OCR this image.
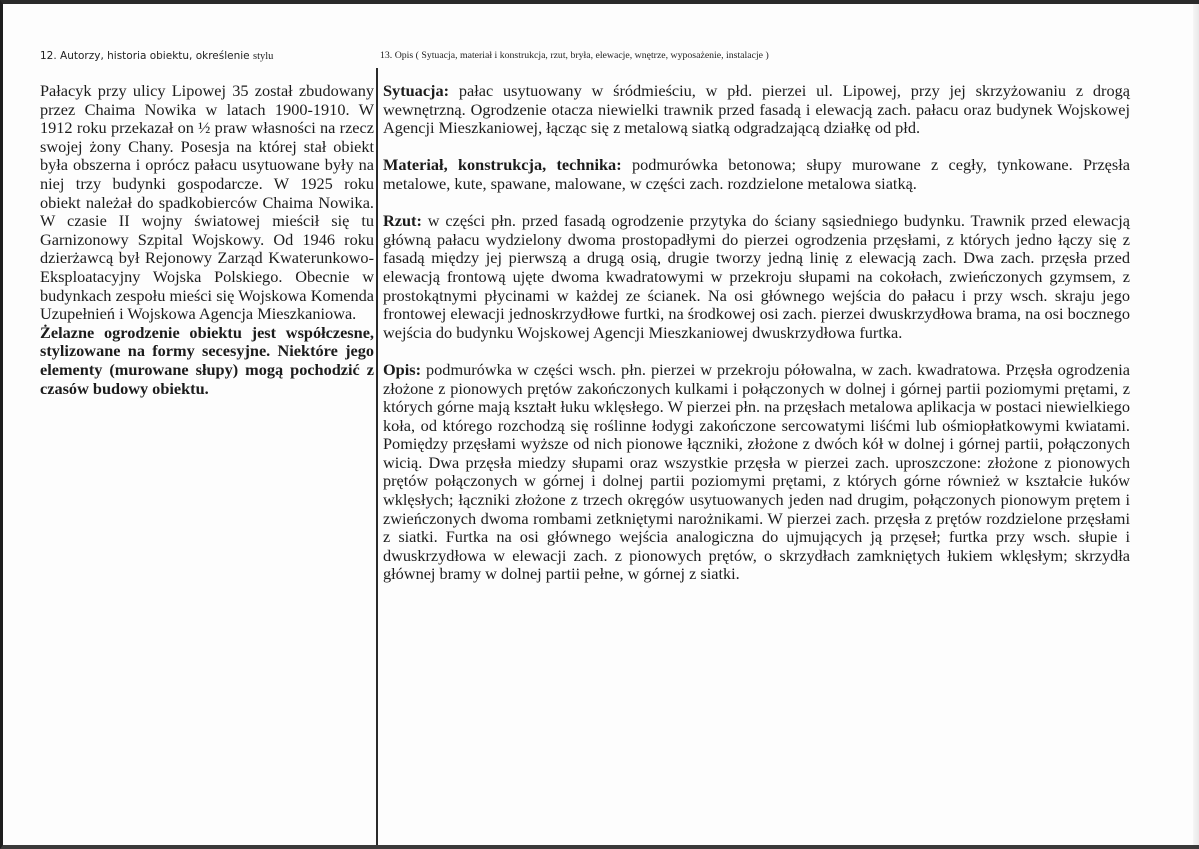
12. Autorzy, historia obiektu, określenie stylu	13. Opis ( Sytuacja, materiał i konstrukcja, rzut, bryła, elewacje, wnętrze, wyposażenie, instalacje )

Pałacyk przy ulicy Lipowej 35 został zbudowany przez Chaima Nowika w latach 1900-1910. W 1912 roku przekazał on ½ praw własności na rzecz swojej żony Chany. Posesja na której stał obiekt była obszerna i oprócz pałacu usytuowane były na niej trzy budynki gospodarcze. W 1925 roku obiekt należał do spadkobierców Chaima Nowika. W czasie II wojny światowej mieścił się tu Garnizonowy Szpital Wojskowy. Od 1946 roku dzierżawcą był Rejonowy Zarząd Kwaterunkowo-Eksploatacyjny Wojska Polskiego. Obecnie w budynkach zespołu mieści się Wojskowa Komenda Uzupełnień i Wojskowa Agencja Mieszkaniowa.

Żelazne ogrodzenie obiektu jest współczesne, stylizowane na formy secesyjne. Niektóre jego elementy (murowane słupy) mogą pochodzić z czasów budowy obiektu.

Sytuacja: pałac usytuowany w śródmieściu, w płd. pierzei ul. Lipowej, przy jej skrzyżowaniu z drogą wewnętrzną. Ogrodzenie otacza niewielki trawnik przed fasadą i elewacją zach. pałacu oraz budynek Wojskowej Agencji Mieszkaniowej, łącząc się z metalową siatką odgradzającą działkę od płd.

Materiał, konstrukcja, technika: podmurówka betonowa; słupy murowane z cegły, tynkowane. Przęsła metalowe, kute, spawane, malowane, w części zach. rozdzielone metalowa siatką.

Rzut: w części płn. przed fasadą ogrodzenie przytyka do ściany sąsiedniego budynku. Trawnik przed elewacją główną pałacu wydzielony dwoma prostopadłymi do pierzei ogrodzenia przęsłami, z których jedno łączy się z fasadą między jej pierwszą a drugą osią, drugie tworzy jedną linię z elewacją zach. Dwa zach. przęsła przed elewacją frontową ujęte dwoma kwadratowymi w przekroju słupami na cokołach, zwieńczonych gzymsem, z prostokątnymi płycinami w każdej ze ścianek. Na osi głównego wejścia do pałacu i przy wsch. skraju jego frontowej elewacji jednoskrzydłowe furtki, na środkowej osi zach. pierzei dwuskrzydłowa brama, na osi bocznego wejścia do budynku Wojskowej Agencji Mieszkaniowej dwuskrzydłowa furtka.

Opis: podmurówka w części wsch. płn. pierzei w przekroju półowalna, w zach. kwadratowa. Przęsła ogrodzenia złożone z pionowych prętów zakończonych kulkami i połączonych w dolnej i górnej partii poziomymi prętami, z których górne mają kształt łuku wklęsłego. W pierzei płn. na przęsłach metalowa aplikacja w postaci niewielkiego koła, od którego rozchodzą się roślinne łodygi zakończone sercowatymi liśćmi lub ośmiopłatkowymi kwiatami. Pomiędzy przęsłami wyższe od nich pionowe łączniki, złożone z dwóch kół w dolnej i górnej partii, połączonych wicią. Dwa przęsła miedzy słupami oraz wszystkie przęsła w pierzei zach. uproszczone: złożone z pionowych prętów połączonych w górnej i dolnej partii poziomymi prętami, z których górne również w kształcie łuków wklęsłych; łączniki złożone z trzech okręgów usytuowanych jeden nad drugim, połączonych pionowym prętem i zwieńczonych dwoma rombami zetkniętymi narożnikami. W pierzei zach. przęsła z prętów rozdzielone przęsłami z siatki. Furtka na osi głównego wejścia analogiczna do ujmujących ją przęseł; furtka przy wsch. słupie i dwuskrzydłowa w elewacji zach. z pionowych prętów, o skrzydłach zamkniętych łukiem wklęsłym; skrzydła głównej bramy w dolnej partii pełne, w górnej z siatki.
